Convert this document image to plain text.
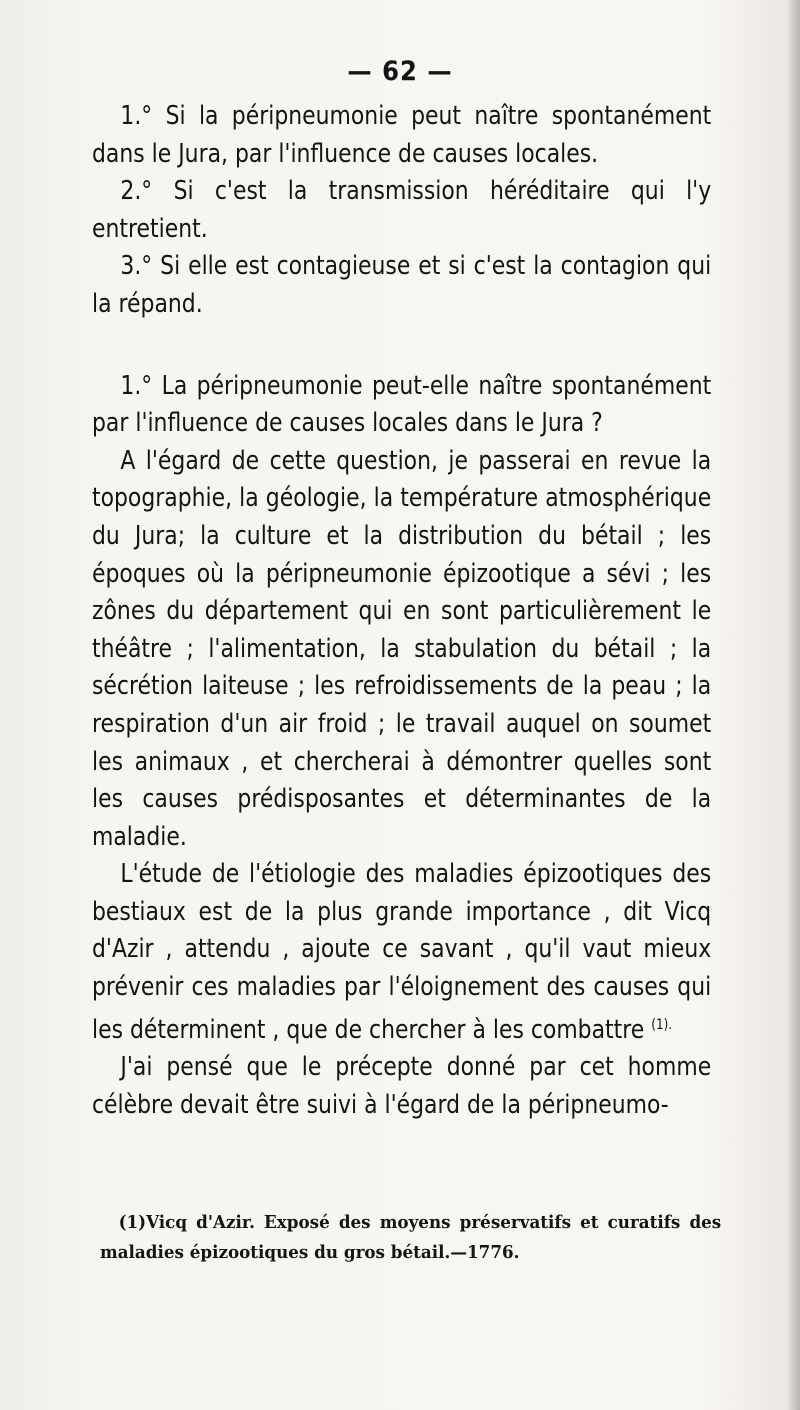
— 62 —

1.° Si la péripneumonie peut naître spontanément dans le Jura, par l'influence de causes locales.

2.° Si c'est la transmission héréditaire qui l'y entretient.

3.° Si elle est contagieuse et si c'est la contagion qui la répand.

1.° La péripneumonie peut-elle naître spontanément par l'influence de causes locales dans le Jura ?

A l'égard de cette question, je passerai en revue la topographie, la géologie, la température atmosphérique du Jura; la culture et la distribution du bétail ; les époques où la péripneumonie épizootique a sévi ; les zônes du département qui en sont particulièrement le théâtre ; l'alimentation, la stabulation du bétail ; la sécrétion laiteuse ; les refroidissements de la peau ; la respiration d'un air froid ; le travail auquel on soumet les animaux , et chercherai à démontrer quelles sont les causes prédisposantes et déterminantes de la maladie.

L'étude de l'étiologie des maladies épizootiques des bestiaux est de la plus grande importance , dit Vicq d'Azir , attendu , ajoute ce savant , qu'il vaut mieux prévenir ces maladies par l'éloignement des causes qui les déterminent , que de chercher à les combattre $^{(1).}$

J'ai pensé que le précepte donné par cet homme célèbre devait être suivi à l'égard de la péripneumo-

(1)Vicq d'Azir. Exposé des moyens préservatifs et curatifs des maladies épizootiques du gros bétail.—1776.
